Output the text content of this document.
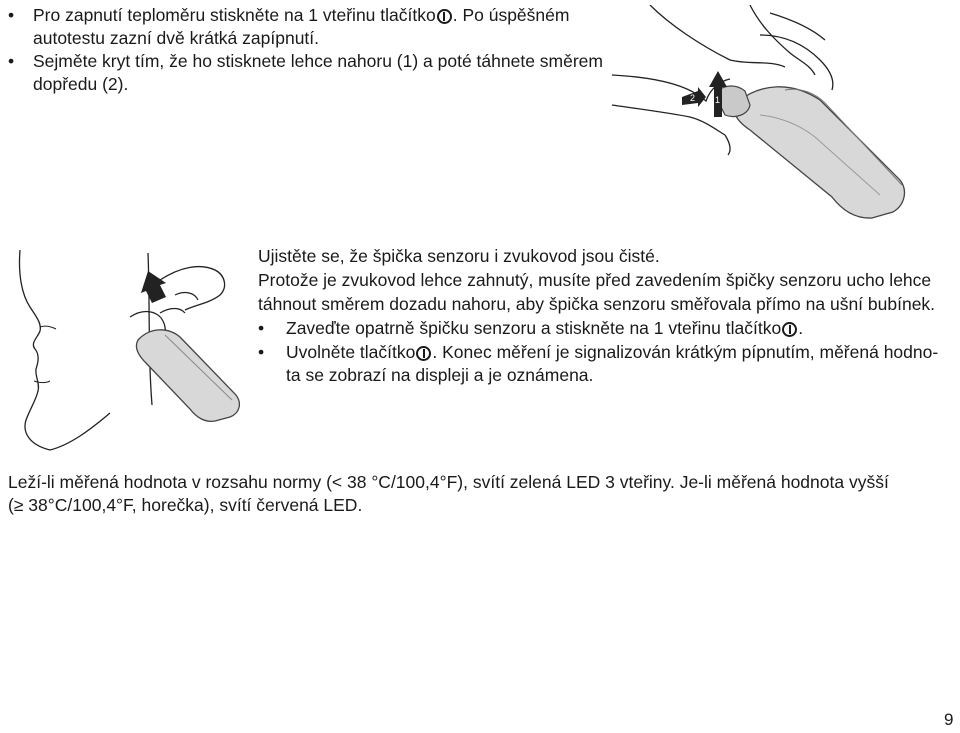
• Pro zapnutí teploměru stiskněte na 1 vteřinu tlačítko . Po úspěšném
autotestu zazní dvě krátká zapípnutí.
• Sejměte kryt tím, že ho stisknete lehce nahoru (1) a poté táhnete směrem
dopředu (2).
2 1
Ujistěte se, že špička senzoru i zvukovod jsou čisté.
Protože je zvukovod lehce zahnutý, musíte před zavedením špičky senzoru ucho lehce
táhnout směrem dozadu nahoru, aby špička senzoru směřovala přímo na ušní bubínek.
• Zaveďte opatrně špičku senzoru a stiskněte na 1 vteřinu tlačítko .
• Uvolněte tlačítko . Konec měření je signalizován krátkým pípnutím, měřená hodno-
ta se zobrazí na displeji a je oznámena.
Leží-li měřená hodnota v rozsahu normy (< 38 °C/100,4°F), svítí zelená LED 3 vteřiny. Je-li měřená hodnota vyšší
(≥ 38°C/100,4°F, horečka), svítí červená LED.
9
